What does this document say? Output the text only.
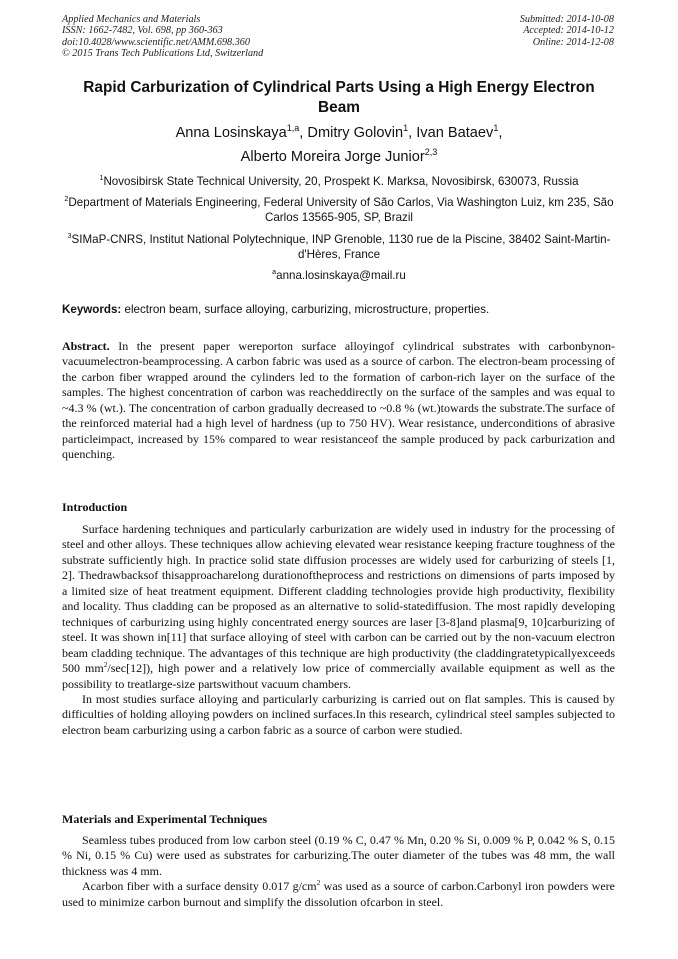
Applied Mechanics and Materials
ISSN: 1662-7482, Vol. 698, pp 360-363
doi:10.4028/www.scientific.net/AMM.698.360
© 2015 Trans Tech Publications Ltd, Switzerland
Submitted: 2014-10-08
Accepted: 2014-10-12
Online: 2014-12-08
Rapid Carburization of Cylindrical Parts Using a High Energy Electron Beam
Anna Losinskaya$^{1,a}$, Dmitry Golovin$^1$, Ivan Bataev$^1$,
Alberto Moreira Jorge Junior$^{2,3}$
$^1$Novosibirsk State Technical University, 20, Prospekt K. Marksa, Novosibirsk, 630073, Russia
$^2$Department of Materials Engineering, Federal University of São Carlos, Via Washington Luiz, km 235, São Carlos 13565-905, SP, Brazil
$^3$SIMaP-CNRS, Institut National Polytechnique, INP Grenoble, 1130 rue de la Piscine, 38402 Saint-Martin-d'Hères, France
$^a$anna.losinskaya@mail.ru
Keywords: electron beam, surface alloying, carburizing, microstructure, properties.
Abstract. In the present paper wereporton surface alloyingof cylindrical substrates with carbonbynon-vacuumelectron-beamprocessing. A carbon fabric was used as a source of carbon. The electron-beam processing of the carbon fiber wrapped around the cylinders led to the formation of carbon-rich layer on the surface of the samples. The highest concentration of carbon was reacheddirectly on the surface of the samples and was equal to ~4.3 % (wt.). The concentration of carbon gradually decreased to ~0.8 % (wt.)towards the substrate.The surface of the reinforced material had a high level of hardness (up to 750 HV). Wear resistance, underconditions of abrasive particleimpact, increased by 15% compared to wear resistanceof the sample produced by pack carburization and quenching.
Introduction

Surface hardening techniques and particularly carburization are widely used in industry for the processing of steel and other alloys. These techniques allow achieving elevated wear resistance keeping fracture toughness of the substrate sufficiently high. In practice solid state diffusion processes are widely used for carburizing of steels [1, 2]. Thedrawbacksof thisapproacharelong durationoftheprocess and restrictions on dimensions of parts imposed by a limited size of heat treatment equipment. Different cladding technologies provide high productivity, flexibility and locality. Thus cladding can be proposed as an alternative to solid-statediffusion. The most rapidly developing techniques of carburizing using highly concentrated energy sources are laser [3-8]and plasma[9, 10]carburizing of steel. It was shown in[11] that surface alloying of steel with carbon can be carried out by the non-vacuum electron beam cladding technique. The advantages of this technique are high productivity (the claddingratetypicallyexceeds 500 $mm^2/\sec[12]$), high power and a relatively low price of commercially available equipment as well as the possibility to treatlarge-size partswithout vacuum chambers.

In most studies surface alloying and particularly carburizing is carried out on flat samples. This is caused by difficulties of holding alloying powders on inclined surfaces.In this research, cylindrical steel samples subjected to electron beam carburizing using a carbon fabric as a source of carbon were studied.

Materials and Experimental Techniques

Seamless tubes produced from low carbon steel (0.19 % C, 0.47 % Mn, 0.20 % Si, 0.009 % P, 0.042 % S, 0.15 % Ni, 0.15 % Cu) were used as substrates for carburizing.The outer diameter of the tubes was 48 mm, the wall thickness was 4 mm.

Acarbon fiber with a surface density 0.017 $g/cm^2$ was used as a source of carbon.Carbonyl iron powders were used to minimize carbon burnout and simplify the dissolution ofcarbon in steel.
